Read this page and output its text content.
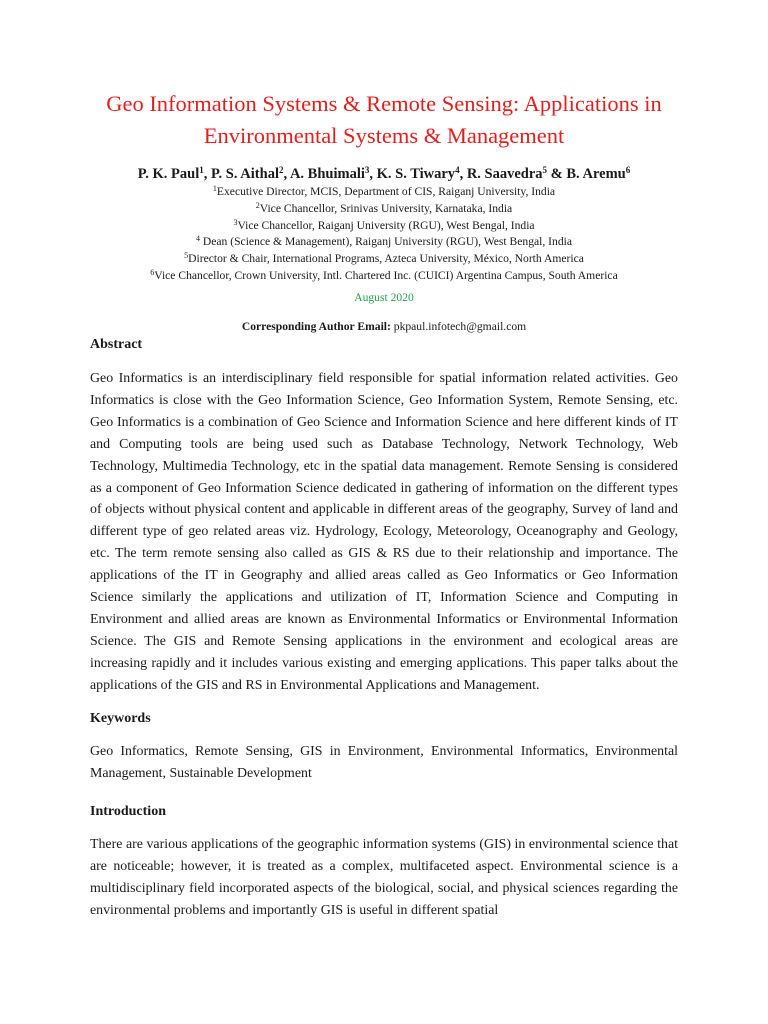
Geo Information Systems & Remote Sensing: Applications in Environmental Systems & Management
P. K. Paul$^1$, P. S. Aithal$^2$, A. Bhuimali$^3$, K. S. Tiwary$^4$, R. Saavedra$^5$ & B. Aremu$^6$
$^1$Executive Director, MCIS, Department of CIS, Raiganj University, India
$^2$Vice Chancellor, Srinivas University, Karnataka, India
$^3$Vice Chancellor, Raiganj University (RGU), West Bengal, India
$^4$ Dean (Science & Management), Raiganj University (RGU), West Bengal, India
$^5$Director & Chair, International Programs, Azteca University, México, North America
$^6$Vice Chancellor, Crown University, Intl. Chartered Inc. (CUICI) Argentina Campus, South America
August 2020
Corresponding Author Email: pkpaul.infotech@gmail.com
Abstract
Geo Informatics is an interdisciplinary field responsible for spatial information related activities. Geo Informatics is close with the Geo Information Science, Geo Information System, Remote Sensing, etc. Geo Informatics is a combination of Geo Science and Information Science and here different kinds of IT and Computing tools are being used such as Database Technology, Network Technology, Web Technology, Multimedia Technology, etc in the spatial data management. Remote Sensing is considered as a component of Geo Information Science dedicated in gathering of information on the different types of objects without physical content and applicable in different areas of the geography, Survey of land and different type of geo related areas viz. Hydrology, Ecology, Meteorology, Oceanography and Geology, etc. The term remote sensing also called as GIS & RS due to their relationship and importance. The applications of the IT in Geography and allied areas called as Geo Informatics or Geo Information Science similarly the applications and utilization of IT, Information Science and Computing in Environment and allied areas are known as Environmental Informatics or Environmental Information Science. The GIS and Remote Sensing applications in the environment and ecological areas are increasing rapidly and it includes various existing and emerging applications. This paper talks about the applications of the GIS and RS in Environmental Applications and Management.
Keywords
Geo Informatics, Remote Sensing, GIS in Environment, Environmental Informatics, Environmental Management, Sustainable Development
Introduction
There are various applications of the geographic information systems (GIS) in environmental science that are noticeable; however, it is treated as a complex, multifaceted aspect. Environmental science is a multidisciplinary field incorporated aspects of the biological, social, and physical sciences regarding the environmental problems and importantly GIS is useful in different spatial
